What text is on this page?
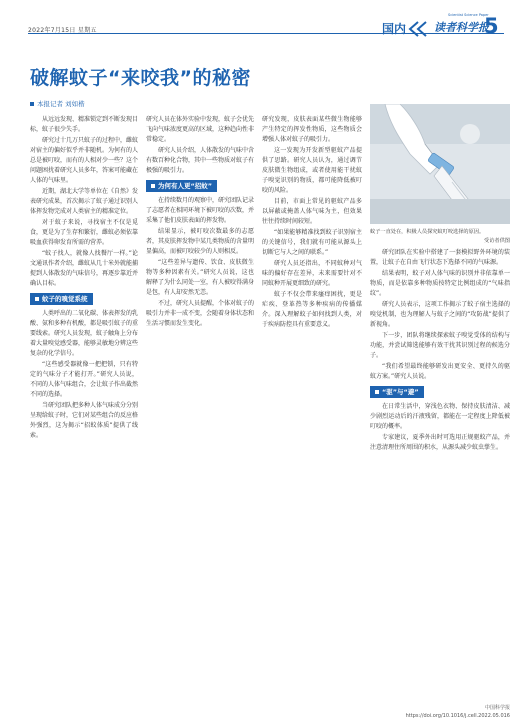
2022年7月15日 星期五	国内
Scientist Science Paper
读者科学报
5
破解蚊子“来咬我”的秘密
本报记者 刘如楷

从远远发现、精准锁定到不断发现目标，蚊子很少失手。

研究过十几万只蚊子的过程中，雌蚊对宿主的偏好似乎并非随机。为何有的人总是被叮咬，而有的人相对少一些？这个问题困扰着研究人员多年，答案可能藏在人体的气味里。

近期，湖北大学等单位在《自然》发表研究成果，首次揭示了蚊子通过识别人体挥发物完成对人类宿主的精准定位。

对于蚊子来说，寻找宿主不仅是觅食，更是为了生存和繁衍，雌蚊必须依靠吸血获得卵发育所需的营养。

“蚊子找人，就像人找餐厅一样。”论文通讯作者介绍，雌蚊从几十米外就能捕捉到人体散发的气味信号，再逐步靠近并确认目标。

蚊子的嗅觉系统

人类呼出的二氧化碳、体表挥发的乳酸、氨和多种有机酸，都是吸引蚊子的重要线索。研究人员发现，蚊子触角上分布着大量嗅觉感受器，能够灵敏地分辨这些复杂的化学信号。

“这些感受器就像一把把锁，只有特定的气味分子才能打开。”研究人员说，不同的人体气味组合，会让蚊子作出截然不同的选择。

当研究团队把多种人体气味成分分别呈现给蚊子时，它们对某些组合的反应格外强烈，这为揭示“招蚊体质”提供了线索。

研究人员在体外实验中发现，蚊子会优先飞向气味浓度更高的区域，这种趋向性非常稳定。

研究人员介绍，人体散发的气味中含有数百种化合物，其中一些物质对蚊子有极强的吸引力。

为何有人更“招蚊”

在持续数月的观察中，研究团队记录了志愿者在相同环境下被叮咬的次数，并采集了他们皮肤表面的挥发物。

结果显示，被叮咬次数最多的志愿者，其皮肤挥发物中某几类物质的含量明显偏高，而被叮咬较少的人则相反。

“这些差异与遗传、饮食、皮肤微生物等多种因素有关。”研究人员说，这也解释了为什么同处一室，有人被咬得满身是包，有人却安然无恙。

不过，研究人员提醒，个体对蚊子的吸引力并非一成不变，会随着身体状态和生活习惯而发生变化。

研究发现，皮肤表面某些微生物能够产生特定的挥发性物质，这些物质会增强人体对蚊子的吸引力。

这一发现为开发新型驱蚊产品提供了思路。研究人员认为，通过调节皮肤微生物组成，或者使用能干扰蚊子嗅觉识别的物质，都可能降低被叮咬的风险。

目前，市面上常见的驱蚊产品多以屏蔽或掩盖人体气味为主，但效果往往持续时间较短。

“如果能够精准找到蚊子识别宿主的关键信号，我们就有可能从源头上切断它与人之间的联系。”

研究人员还指出，不同蚊种对气味的偏好存在差异，未来需要针对不同蚊种开展更细致的研究。

蚊子不仅会带来瘙痒困扰，更是疟疾、登革热等多种疾病的传播媒介。深入理解蚊子如何找到人类，对于疾病防控具有重要意义。

蚊子一直处在，积极人员探究蚊叮咬选择的原因。
受访者供图

研究团队在实验中搭建了一套模拟野外环境的装置，让蚊子在自由飞行状态下选择不同的气味源。

结果表明，蚊子对人体气味的识别并非依靠单一物质，而是依靠多种物质按特定比例组成的“气味指纹”。

研究人员表示，这项工作揭示了蚊子宿主选择的嗅觉机制，也为理解人与蚊子之间的“攻防战”提供了新视角。

下一步，团队将继续探索蚊子嗅觉受体的结构与功能，并尝试筛选能够有效干扰其识别过程的候选分子。

“我们希望最终能够研发出更安全、更持久的驱蚊方案。”研究人员说。

“驱”与“避”

在日常生活中，穿浅色衣物、保持皮肤清洁、减少剧烈运动后的汗液残留，都能在一定程度上降低被叮咬的概率。

专家建议，夏季外出时可选用正规驱蚊产品，并注意清理住所周围的积水，从源头减少蚊虫孳生。

中国科学报 https://doi.org/10.1016/j.cell.2022.05.016
